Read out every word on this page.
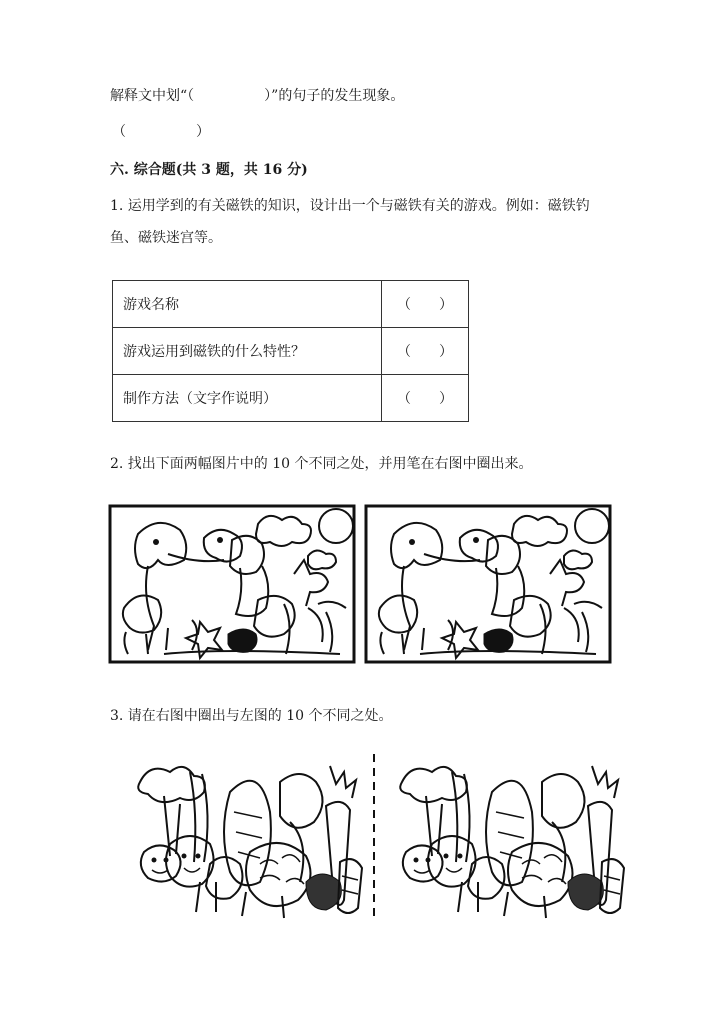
解释文中划“（　　　　　）”的句子的发生现象。
（　　　　　）
六. 综合题(共 3 题，共 16 分)
1. 运用学到的有关磁铁的知识，设计出一个与磁铁有关的游戏。例如：磁铁钓
鱼、磁铁迷宫等。
游戏名称	（　　）
游戏运用到磁铁的什么特性？	（　　）
制作方法（文字作说明）	（　　）
2. 找出下面两幅图片中的 10 个不同之处，并用笔在右图中圈出来。
3. 请在右图中圈出与左图的 10 个不同之处。
